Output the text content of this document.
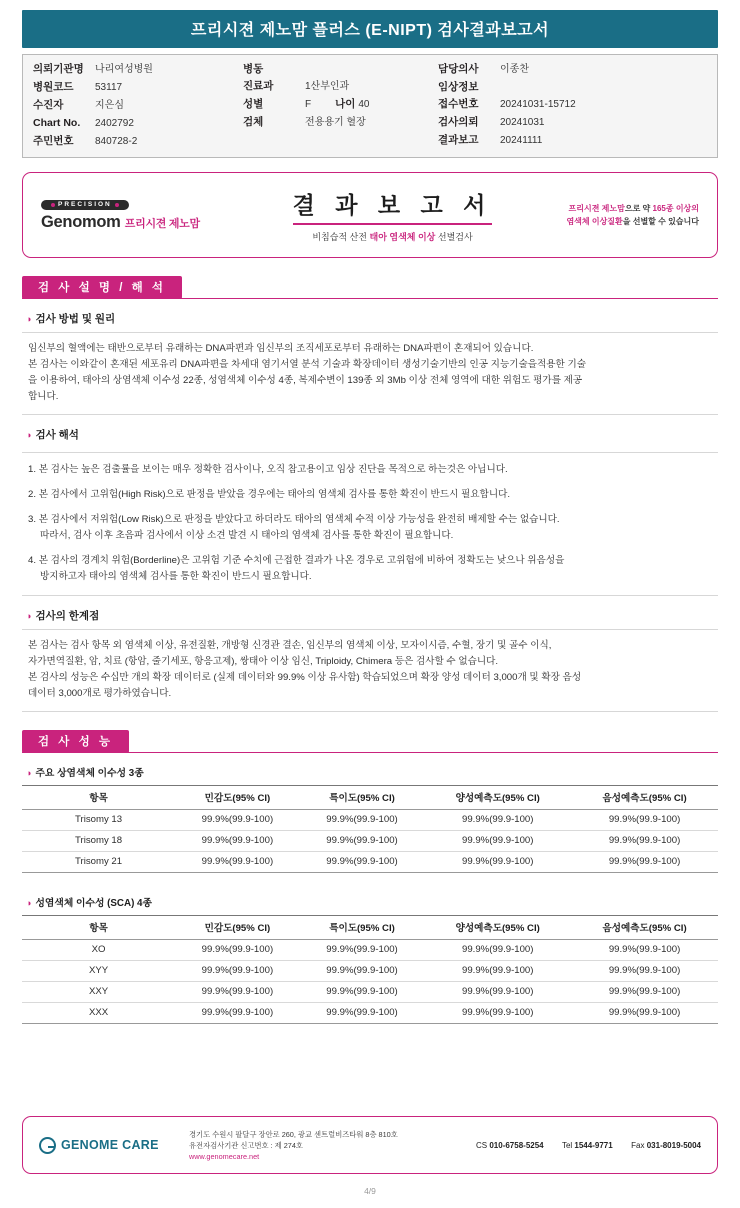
프리시젼 제노맘 플러스 (E-NIPT) 검사결과보고서
의뢰기관명	나리여성병원
병원코드	53117
수진자	지은심
Chart No.	2402792
주민번호	840728-2
병동
진료과	1산부인과
성별	F 나이 40
검체	전용용기 혈장
담당의사	이종찬
임상정보
접수번호	20241031-15712
검사의뢰	20241031
결과보고	20241111
PRECISION
Genomom 프리시젼 제노맘
결 과 보 고 서
비침습적 산전 태아 염색체 이상 선별검사
프리시젼 제노맘으로 약 165종 이상의
염색체 이상질환을 선별할 수 있습니다
검 사 설 명 / 해 석
◑ 검사 방법 및 원리
임신부의 혈액에는 태반으로부터 유래하는 DNA파편과 임신부의 조직세포로부터 유래하는 DNA파편이 혼재되어 있습니다.
본 검사는 이와같이 혼재된 세포유리 DNA파편을 차세대 염기서열 분석 기술과 확장데이터 생성기술기반의 인공 지능기술을적용한 기술
을 이용하여, 태아의 상염색체 이수성 22종, 성염색체 이수성 4종, 복제수변이 139종 외 3Mb 이상 전체 영역에 대한 위험도 평가를 제공
합니다.
◑ 검사 해석
1. 본 검사는 높은 검출률을 보이는 매우 정확한 검사이나, 오직 참고용이고 임상 진단을 목적으로 하는것은 아닙니다.
2. 본 검사에서 고위험(High Risk)으로 판정을 받았을 경우에는 태아의 염색체 검사를 통한 확진이 반드시 필요합니다.
3. 본 검사에서 저위험(Low Risk)으로 판정을 받았다고 하더라도 태아의 염색체 수적 이상 가능성을 완전히 배제할 수는 없습니다.
따라서, 검사 이후 초음파 검사에서 이상 소견 발견 시 태아의 염색체 검사를 통한 확진이 필요합니다.
4. 본 검사의 경계치 위험(Borderline)은 고위험 기준 수치에 근접한 결과가 나온 경우로 고위험에 비하여 정확도는 낮으나 위음성을
방지하고자 태아의 염색체 검사를 통한 확진이 반드시 필요합니다.
◑ 검사의 한계점
본 검사는 검사 항목 외 염색체 이상, 유전질환, 개방형 신경관 결손, 임신부의 염색체 이상, 모자이시즘, 수혈, 장기 및 골수 이식,
자가면역질환, 암, 치료 (항암, 줄기세포, 항응고제), 쌍태아 이상 임신, Triploidy, Chimera 등은 검사할 수 없습니다.
본 검사의 성능은 수십만 개의 확장 데이터로 (실제 데이터와 99.9% 이상 유사함) 학습되었으며 확장 양성 데이터 3,000개 및 확장 음성
데이터 3,000개로 평가하였습니다.
검 사 성 능
◑ 주요 상염색체 이수성 3종
항목	민감도(95% CI)	특이도(95% CI)	양성예측도(95% CI)	음성예측도(95% CI)
Trisomy 13	99.9%(99.9-100)	99.9%(99.9-100)	99.9%(99.9-100)	99.9%(99.9-100)
Trisomy 18	99.9%(99.9-100)	99.9%(99.9-100)	99.9%(99.9-100)	99.9%(99.9-100)
Trisomy 21	99.9%(99.9-100)	99.9%(99.9-100)	99.9%(99.9-100)	99.9%(99.9-100)
◑ 성염색체 이수성 (SCA) 4종
항목	민감도(95% CI)	특이도(95% CI)	양성예측도(95% CI)	음성예측도(95% CI)
XO	99.9%(99.9-100)	99.9%(99.9-100)	99.9%(99.9-100)	99.9%(99.9-100)
XYY	99.9%(99.9-100)	99.9%(99.9-100)	99.9%(99.9-100)	99.9%(99.9-100)
XXY	99.9%(99.9-100)	99.9%(99.9-100)	99.9%(99.9-100)	99.9%(99.9-100)
XXX	99.9%(99.9-100)	99.9%(99.9-100)	99.9%(99.9-100)	99.9%(99.9-100)
GENOME CARE
경기도 수원시 팔달구 장안로 260, 광교 센트럴비즈타워 8층 810호
유전자검사기관 신고번호 : 제 274호
www.genomecare.net
CS 010-6758-5254 Tel 1544-9771 Fax 031-8019-5004
4/9
